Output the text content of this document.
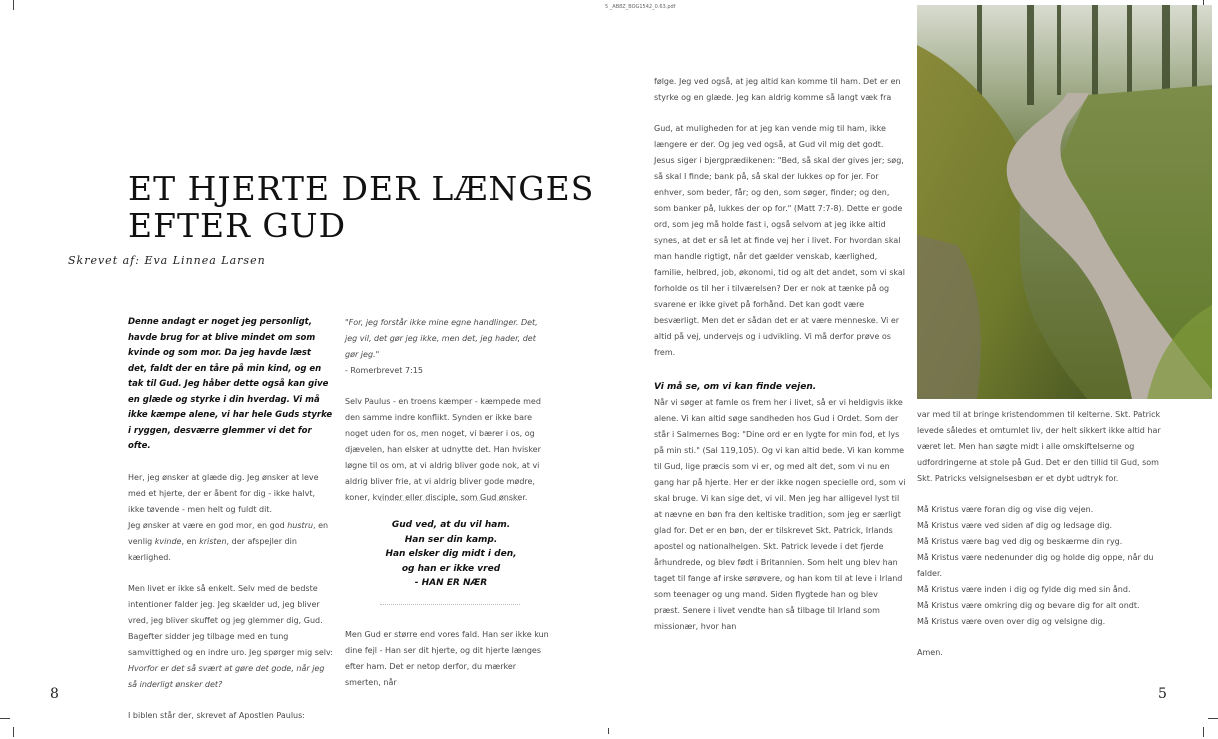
5 _AB8Z_BOG1542_0.63.pdf
ET HJERTE DER LÆNGES
EFTER GUD
Skrevet af: Eva Linnea Larsen

Denne andagt er noget jeg personligt, havde brug for at blive mindet om som kvinde og som mor. Da jeg havde læst det, faldt der en tåre på min kind, og en tak til Gud. Jeg håber dette også kan give en glæde og styrke i din hverdag. Vi må ikke kæmpe alene, vi har hele Guds styrke i ryggen, desværre glemmer vi det for ofte.

Her, jeg ønsker at glæde dig. Jeg ønsker at leve med et hjerte, der er åbent for dig - ikke halvt, ikke tøvende - men helt og fuldt dit.
Jeg ønsker at være en god mor, en god hustru, en venlig kvinde, en kristen, der afspejler din kærlighed.

Men livet er ikke så enkelt. Selv med de bedste intentioner falder jeg. Jeg skælder ud, jeg bliver vred, jeg bliver skuffet og jeg glemmer dig, Gud. Bagefter sidder jeg tilbage med en tung samvittighed og en indre uro. Jeg spørger mig selv: Hvorfor er det så svært at gøre det gode, når jeg så inderligt ønsker det?

I biblen står der, skrevet af Apostlen Paulus:

"For, jeg forstår ikke mine egne handlinger. Det, jeg vil, det gør jeg ikke, men det, jeg hader, det gør jeg."
- Romerbrevet 7:15

Selv Paulus - en troens kæmper - kæmpede med den samme indre konflikt. Synden er ikke bare noget uden for os, men noget, vi bærer i os, og djævelen, han elsker at udnytte det. Han hvisker løgne til os om, at vi aldrig bliver gode nok, at vi aldrig bliver frie, at vi aldrig bliver gode mødre, koner, kvinder eller disciple, som Gud ønsker.

Gud ved, at du vil ham.
Han ser din kamp.
Han elsker dig midt i den,
og han er ikke vred
- HAN ER NÆR

Men Gud er større end vores fald. Han ser ikke kun dine fejl - Han ser dit hjerte, og dit hjerte længes efter ham. Det er netop derfor, du mærker smerten, når

8

følge. Jeg ved også, at jeg altid kan komme til ham. Det er en styrke og en glæde. Jeg kan aldrig komme så langt væk fra

Gud, at muligheden for at jeg kan vende mig til ham, ikke længere er der. Og jeg ved også, at Gud vil mig det godt. Jesus siger i bjergprædikenen: "Bed, så skal der gives jer; søg, så skal I finde; bank på, så skal der lukkes op for jer. For enhver, som beder, får; og den, som søger, finder; og den, som banker på, lukkes der op for." (Matt 7:7-8). Dette er gode ord, som jeg må holde fast i, også selvom at jeg ikke altid synes, at det er så let at finde vej her i livet. For hvordan skal man handle rigtigt, når det gælder venskab, kærlighed, familie, helbred, job, økonomi, tid og alt det andet, som vi skal forholde os til her i tilværelsen? Der er nok at tænke på og svarene er ikke givet på forhånd. Det kan godt være besværligt. Men det er sådan det er at være menneske. Vi er altid på vej, undervejs og i udvikling. Vi må derfor prøve os frem.

Vi må se, om vi kan finde vejen.
Når vi søger at famle os frem her i livet, så er vi heldigvis ikke alene. Vi kan altid søge sandheden hos Gud i Ordet. Som der står i Salmernes Bog: "Dine ord er en lygte for min fod, et lys på min sti." (Sal 119,105). Og vi kan altid bede. Vi kan komme til Gud, lige præcis som vi er, og med alt det, som vi nu en gang har på hjerte. Her er der ikke nogen specielle ord, som vi skal bruge. Vi kan sige det, vi vil. Men jeg har alligevel lyst til at nævne en bøn fra den keltiske tradition, som jeg er særligt glad for. Det er en bøn, der er tilskrevet Skt. Patrick, Irlands apostel og nationalhelgen. Skt. Patrick levede i det fjerde århundrede, og blev født i Britannien. Som helt ung blev han taget til fange af irske sørøvere, og han kom til at leve i Irland som teenager og ung mand. Siden flygtede han og blev præst. Senere i livet vendte han så tilbage til Irland som missionær, hvor han

var med til at bringe kristendommen til kelterne. Skt. Patrick levede således et omtumlet liv, der helt sikkert ikke altid har været let. Men han søgte midt i alle omskifteIserne og udfordringerne at stole på Gud. Det er den tillid til Gud, som Skt. Patricks velsignelsesbøn er et dybt udtryk for.

Må Kristus være foran dig og vise dig vejen.
Må Kristus være ved siden af dig og ledsage dig.
Må Kristus være bag ved dig og beskærme din ryg.
Må Kristus være nedenunder dig og holde dig oppe, når du falder.
Må Kristus være inden i dig og fylde dig med sin ånd.
Må Kristus være omkring dig og bevare dig for alt ondt.
Må Kristus være oven over dig og velsigne dig.

Amen.

5
